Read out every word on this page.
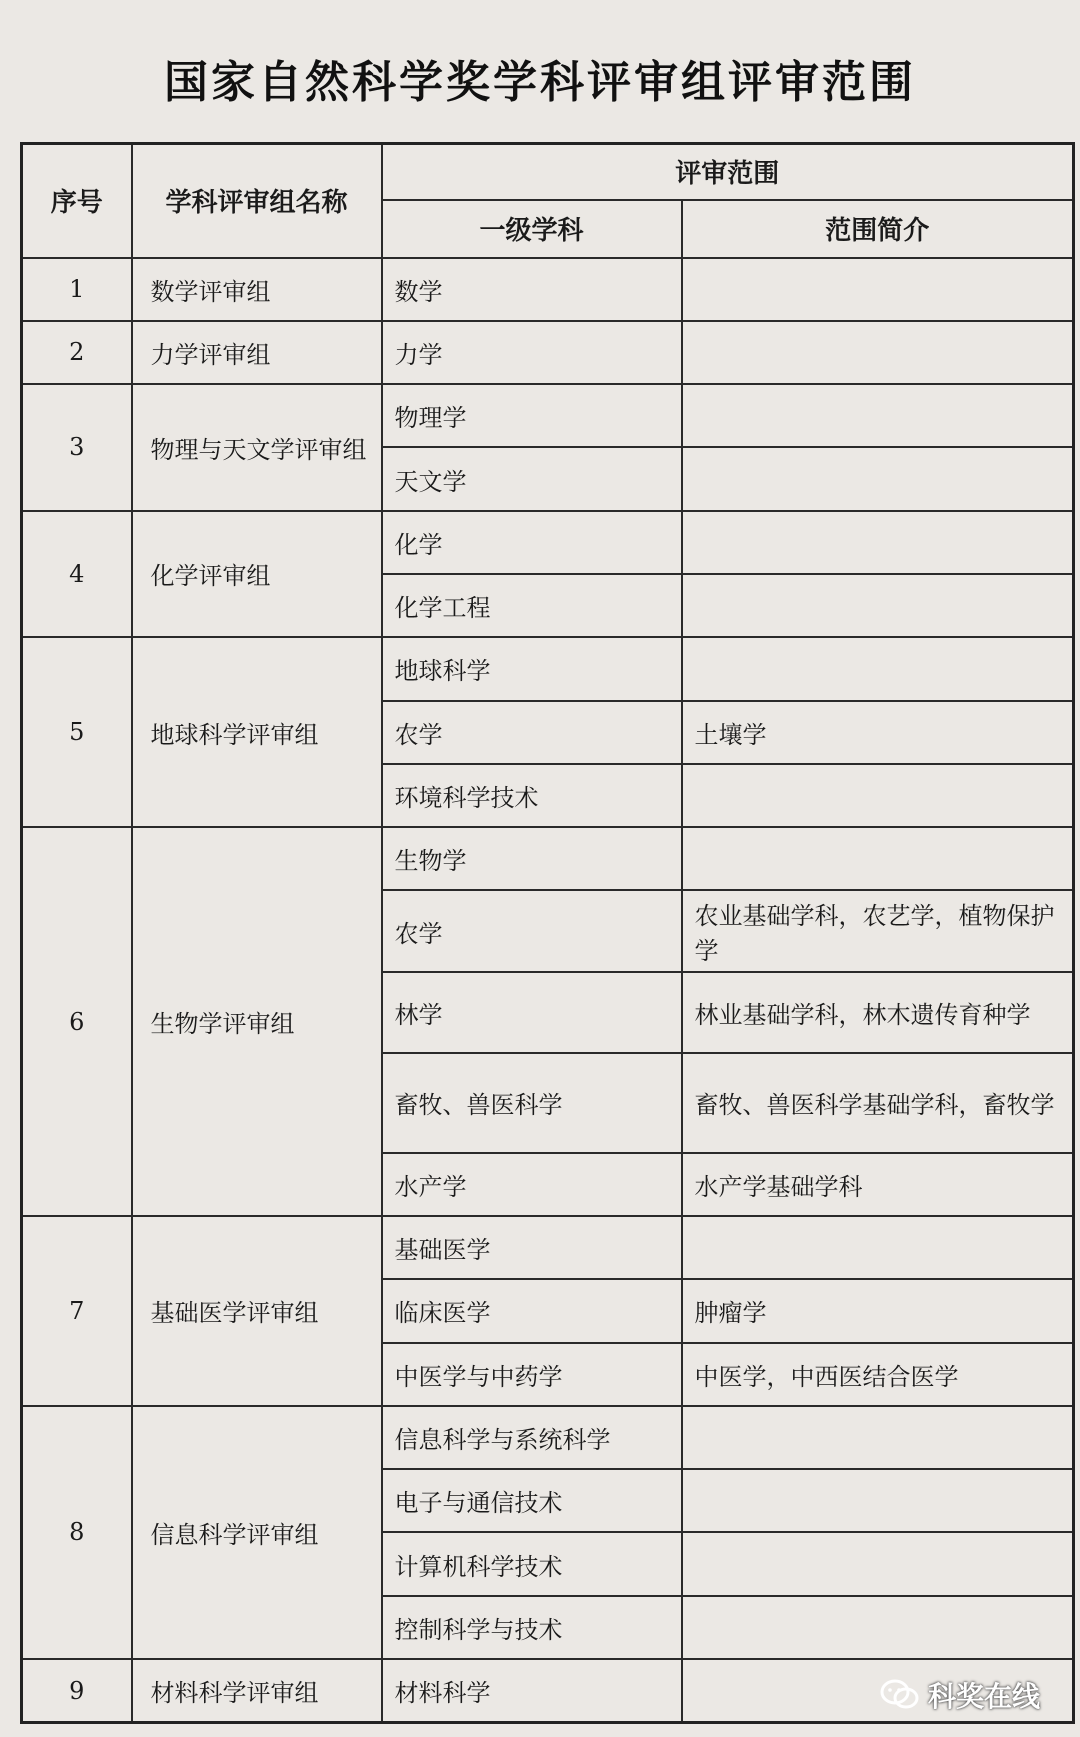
国家自然科学奖学科评审组评审范围
序号	学科评审组名称	评审范围	
		一级学科	范围简介
1	数学评审组	数学	
2	力学评审组	力学	
3	物理与天文学评审组	物理学	
		天文学	
4	化学评审组	化学	
		化学工程	
5	地球科学评审组	地球科学	
		农学	土壤学
		环境科学技术	
6	生物学评审组	生物学	
		农学	农业基础学科，农艺学，植物保护学
		林学	林业基础学科，林木遗传育种学
		畜牧、兽医科学	畜牧、兽医科学基础学科，畜牧学
		水产学	水产学基础学科
7	基础医学评审组	基础医学	
		临床医学	肿瘤学
		中医学与中药学	中医学，中西医结合医学
8	信息科学评审组	信息科学与系统科学	
		电子与通信技术	
		计算机科学技术	
		控制科学与技术	
9	材料科学评审组	材料科学		科奖在线
